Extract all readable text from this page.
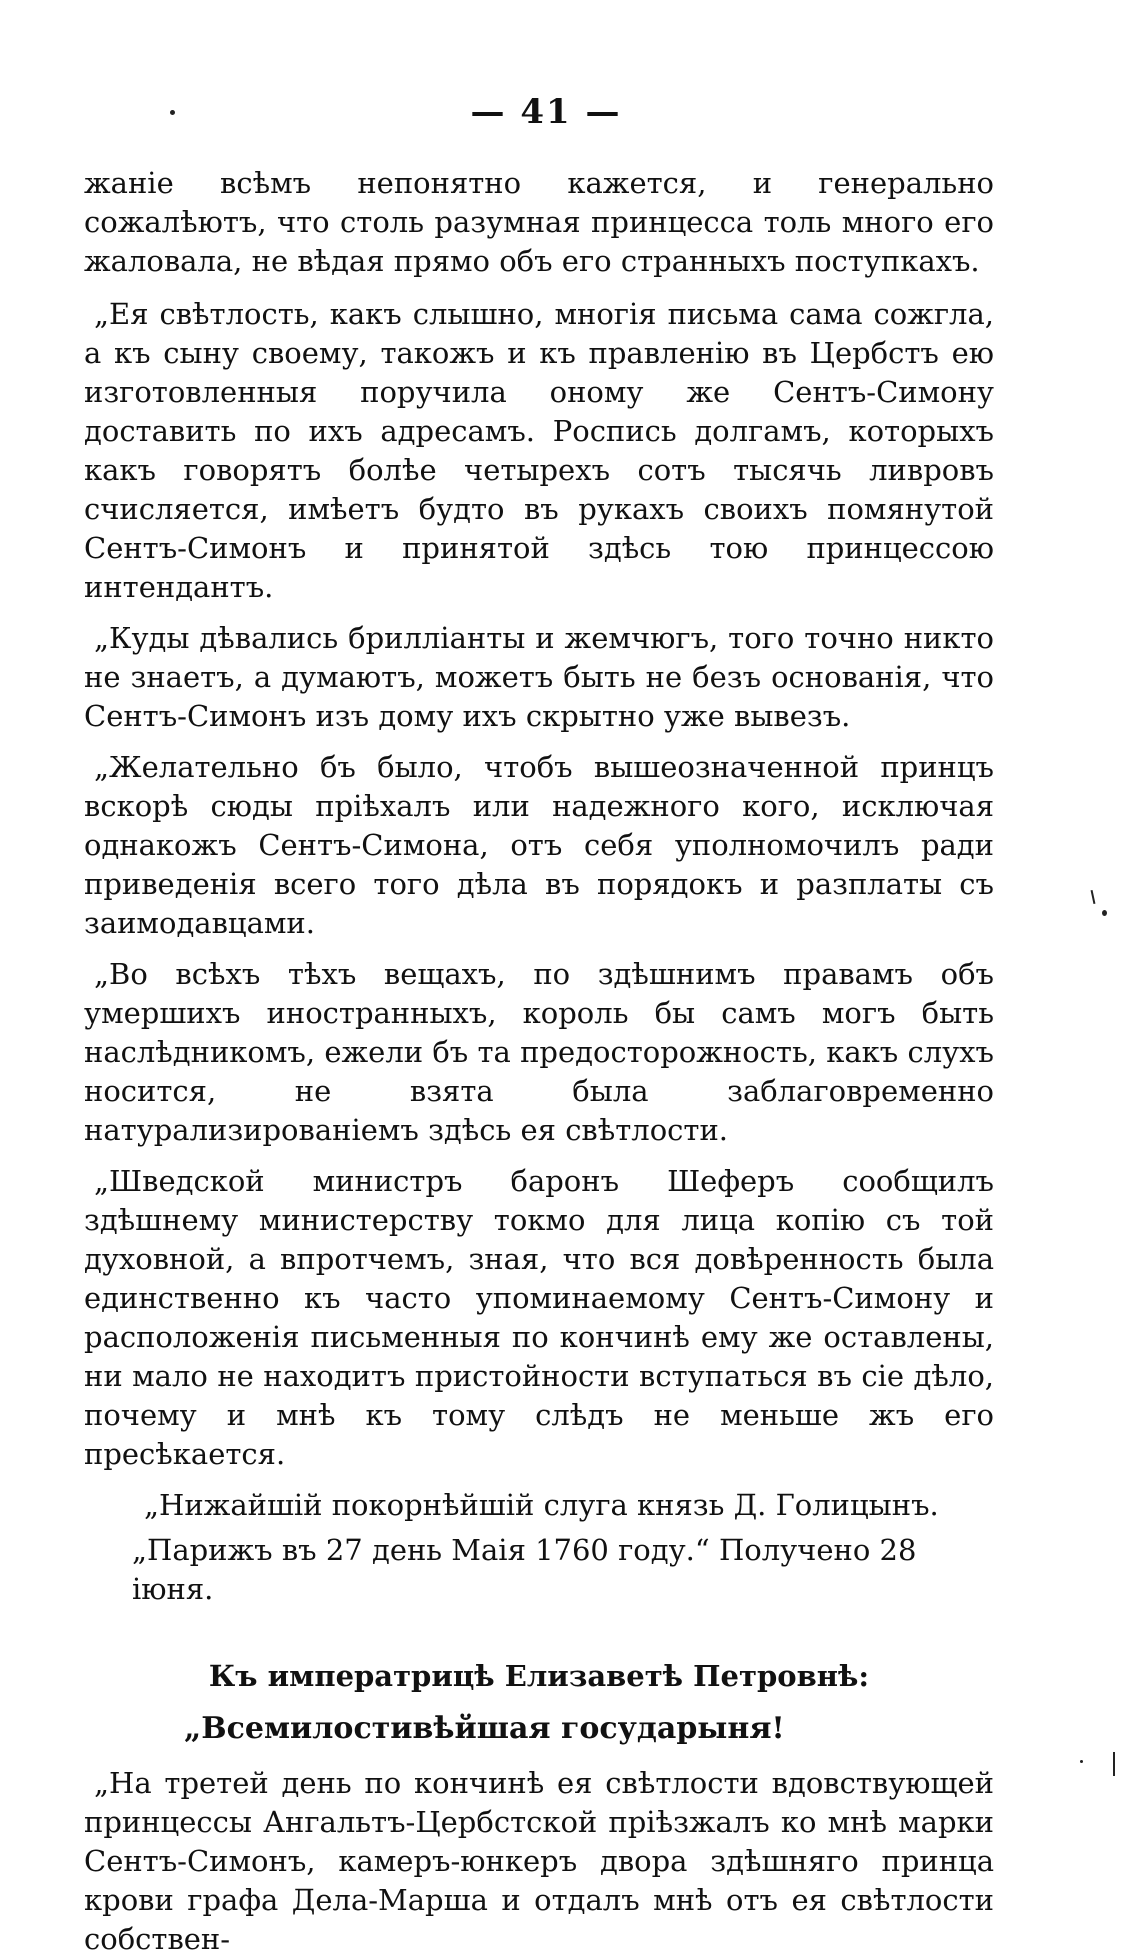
— 41 —

жаніе всѣмъ непонятно кажется, и генерально сожалѣютъ, что столь разумная принцесса толь много его жаловала, не вѣдая прямо объ его странныхъ поступкахъ.

„Ея свѣтлость, какъ слышно, многія письма сама сожгла, а къ сыну своему, такожъ и къ правленію въ Цербстъ ею изготовленныя поручила оному же Сентъ-Симону доставить по ихъ адресамъ. Роспись долгамъ, которыхъ какъ говорятъ болѣе четырехъ сотъ тысячь ливровъ счисляется, имѣетъ будто въ рукахъ своихъ помянутой Сентъ-Симонъ и принятой здѣсь тою принцессою интендантъ.

„Куды дѣвались брилліанты и жемчюгъ, того точно никто не знаетъ, а думаютъ, можетъ быть не безъ основанія, что Сентъ-Симонъ изъ дому ихъ скрытно уже вывезъ.

„Желательно бъ было, чтобъ вышеозначенной принцъ вскорѣ сюды пріѣхалъ или надежного кого, исключая однакожъ Сентъ-Симона, отъ себя уполномочилъ ради приведенія всего того дѣла въ порядокъ и разплаты съ заимодавцами.

„Во всѣхъ тѣхъ вещахъ, по здѣшнимъ правамъ объ умершихъ иностранныхъ, король бы самъ могъ быть наслѣдникомъ, ежели бъ та предосторожность, какъ слухъ носится, не взята была заблаговременно натурализированіемъ здѣсь ея свѣтлости.

„Шведской министръ баронъ Шеферъ сообщилъ здѣшнему министерству токмо для лица копію съ той духовной, а впротчемъ, зная, что вся довѣренность была единственно къ часто упоминаемому Сентъ-Симону и расположенія письменныя по кончинѣ ему же оставлены, ни мало не находитъ пристойности вступаться въ сіе дѣло, почему и мнѣ къ тому слѣдъ не меньше жъ его пресѣкается.

„Нижайшій покорнѣйшій слуга князь Д. Голицынъ.
„Парижъ въ 27 день Маія 1760 году.“ Получено 28 іюня.
Къ императрицѣ Елизаветѣ Петровнѣ:
„Всемилостивѣйшая государыня!

„На третей день по кончинѣ ея свѣтлости вдовствующей принцессы Ангальтъ-Цербстской пріѣзжалъ ко мнѣ марки Сентъ-Симонъ, камеръ-юнкеръ двора здѣшняго принца крови графа Дела-Марша и отдалъ мнѣ отъ ея свѣтлости собствен-
